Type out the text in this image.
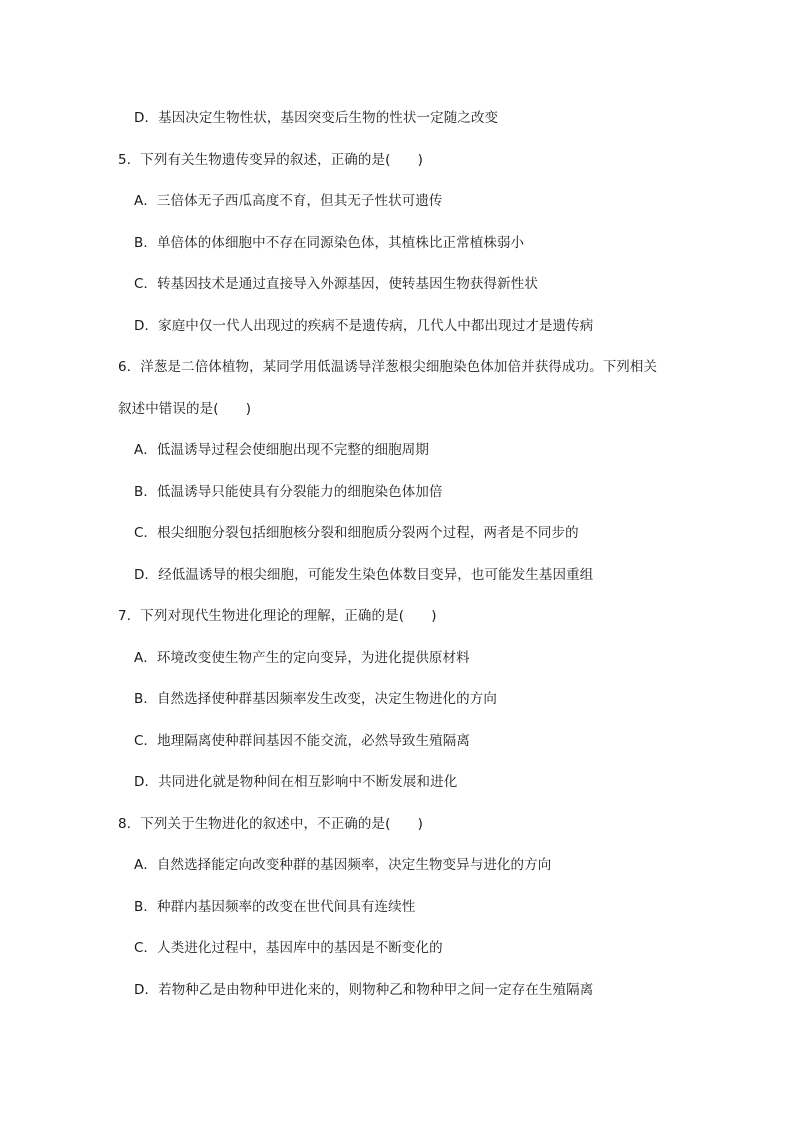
D．基因决定生物性状，基因突变后生物的性状一定随之改变
5．下列有关生物遗传变异的叙述，正确的是(　　)
A．三倍体无子西瓜高度不育，但其无子性状可遗传
B．单倍体的体细胞中不存在同源染色体，其植株比正常植株弱小
C．转基因技术是通过直接导入外源基因，使转基因生物获得新性状
D．家庭中仅一代人出现过的疾病不是遗传病，几代人中都出现过才是遗传病
6．洋葱是二倍体植物，某同学用低温诱导洋葱根尖细胞染色体加倍并获得成功。下列相关
叙述中错误的是(　　)
A．低温诱导过程会使细胞出现不完整的细胞周期
B．低温诱导只能使具有分裂能力的细胞染色体加倍
C．根尖细胞分裂包括细胞核分裂和细胞质分裂两个过程，两者是不同步的
D．经低温诱导的根尖细胞，可能发生染色体数目变异，也可能发生基因重组
7．下列对现代生物进化理论的理解，正确的是(　　)
A．环境改变使生物产生的定向变异，为进化提供原材料
B．自然选择使种群基因频率发生改变，决定生物进化的方向
C．地理隔离使种群间基因不能交流，必然导致生殖隔离
D．共同进化就是物种间在相互影响中不断发展和进化
8．下列关于生物进化的叙述中，不正确的是(　　)
A．自然选择能定向改变种群的基因频率，决定生物变异与进化的方向
B．种群内基因频率的改变在世代间具有连续性
C．人类进化过程中，基因库中的基因是不断变化的
D．若物种乙是由物种甲进化来的，则物种乙和物种甲之间一定存在生殖隔离
